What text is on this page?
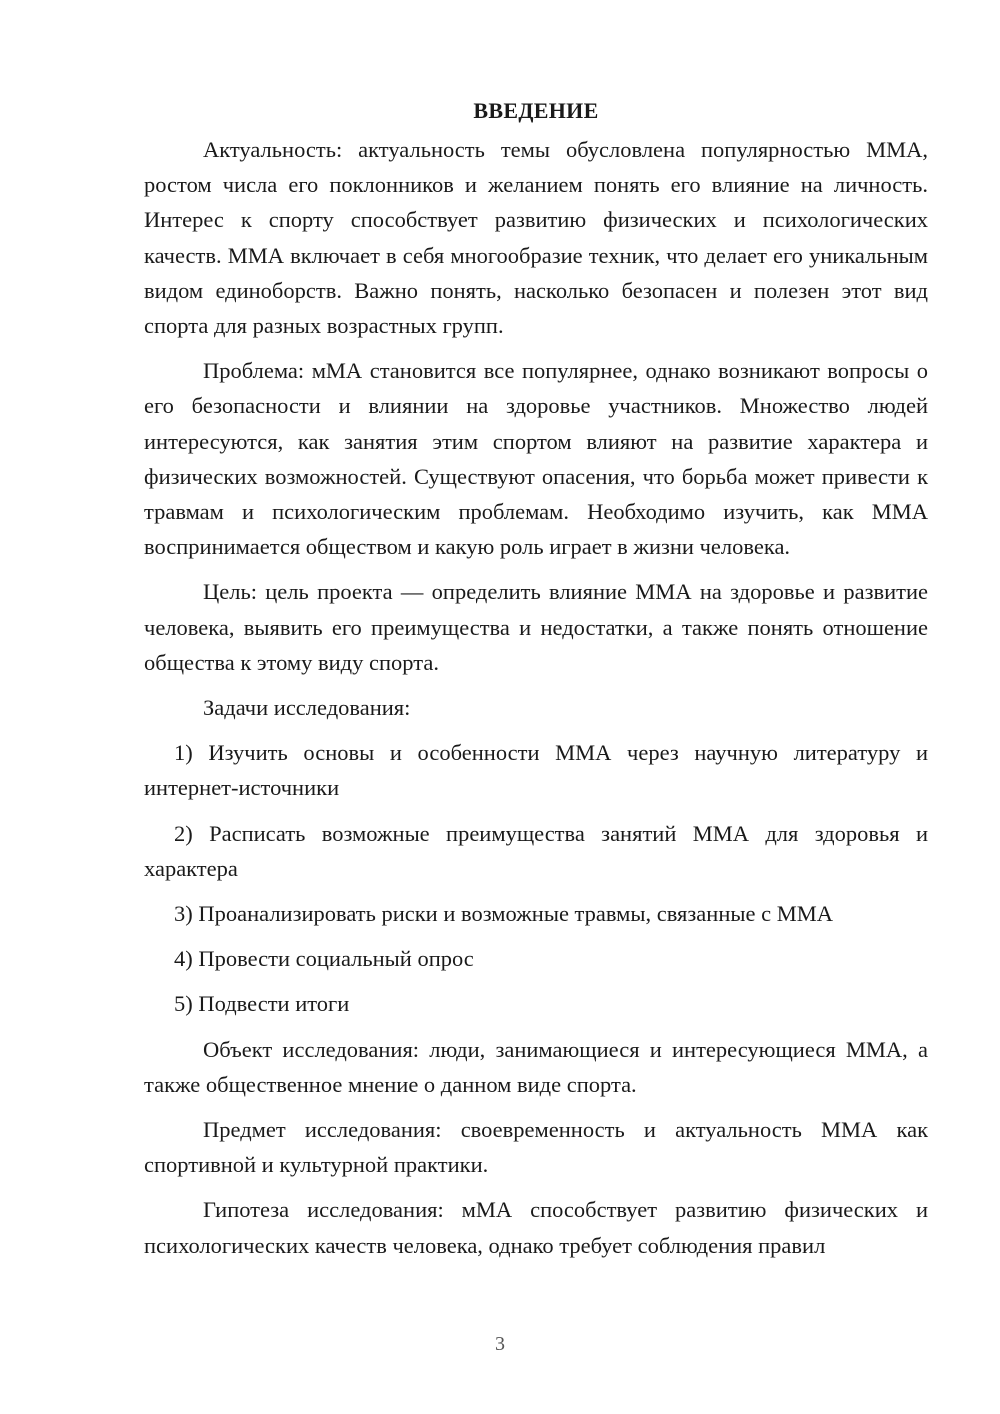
ВВЕДЕНИЕ

Актуальность: актуальность темы обусловлена популярностью ММА, ростом числа его поклонников и желанием понять его влияние на личность. Интерес к спорту способствует развитию физических и психологических качеств. ММА включает в себя многообразие техник, что делает его уникальным видом единоборств. Важно понять, насколько безопасен и полезен этот вид спорта для разных возрастных групп.

Проблема: мМА становится все популярнее, однако возникают вопросы о его безопасности и влиянии на здоровье участников. Множество людей интересуются, как занятия этим спортом влияют на развитие характера и физических возможностей. Существуют опасения, что борьба может привести к травмам и психологическим проблемам. Необходимо изучить, как ММА воспринимается обществом и какую роль играет в жизни человека.

Цель: цель проекта — определить влияние ММА на здоровье и развитие человека, выявить его преимущества и недостатки, а также понять отношение общества к этому виду спорта.

Задачи исследования:

1) Изучить основы и особенности ММА через научную литературу и интернет-источники

2) Расписать возможные преимущества занятий ММА для здоровья и характера

3) Проанализировать риски и возможные травмы, связанные с ММА

4) Провести социальный опрос

5) Подвести итоги

Объект исследования: люди, занимающиеся и интересующиеся ММА, а также общественное мнение о данном виде спорта.

Предмет исследования: своевременность и актуальность ММА как спортивной и культурной практики.

Гипотеза исследования: мМА способствует развитию физических и психологических качеств человека, однако требует соблюдения правил

3
